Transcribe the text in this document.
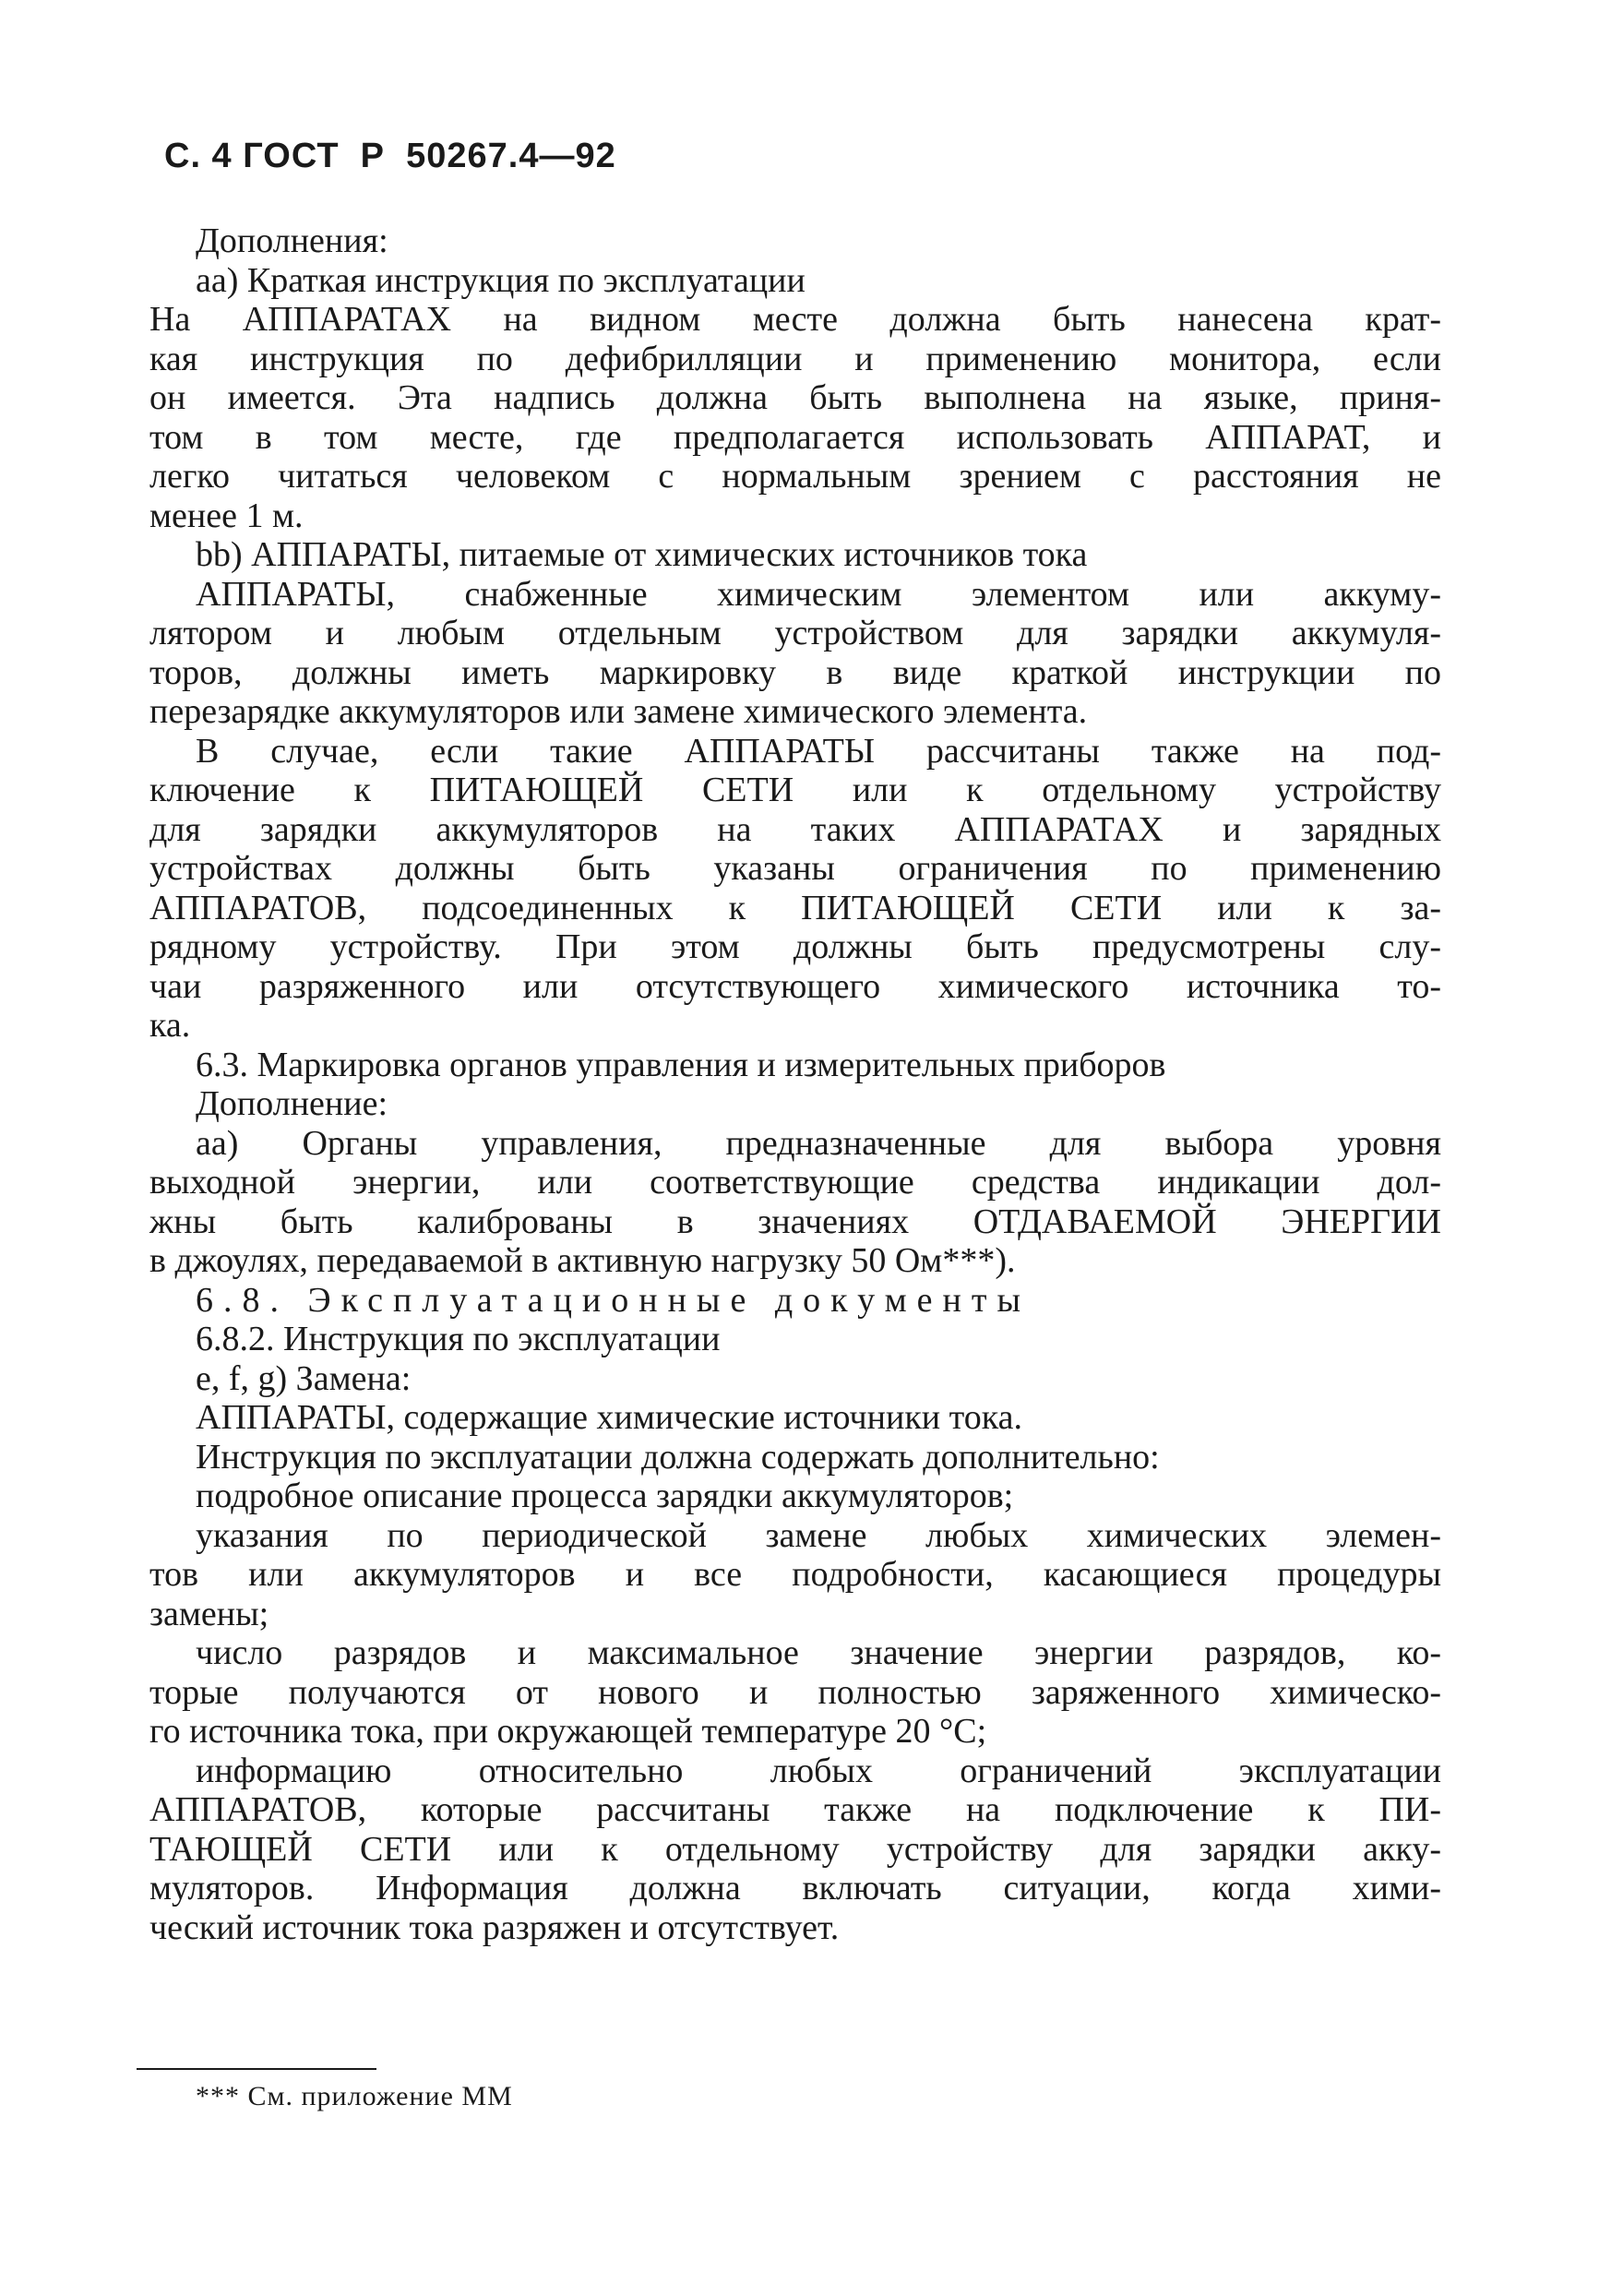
С. 4 ГОСТ  Р  50267.4—92
Дополнения:
аа) Краткая инструкция по эксплуатации
На АППАРАТАХ на видном месте должна быть нанесена крат-
кая инструкция по дефибрилляции и применению монитора, если
он имеется. Эта надпись должна быть выполнена на языке, приня-
том в том месте, где предполагается использовать АППАРАТ, и
легко читаться человеком с нормальным зрением с расстояния не
менее 1 м.
bb) АППАРАТЫ, питаемые от химических источников тока
АППАРАТЫ, снабженные химическим элементом или аккуму-
лятором и любым отдельным устройством для зарядки аккумуля-
торов, должны иметь маркировку в виде краткой инструкции по
перезарядке аккумуляторов или замене химического элемента.
В случае, если такие АППАРАТЫ рассчитаны также на под-
ключение к ПИТАЮЩЕЙ СЕТИ или к отдельному устройству
для зарядки аккумуляторов на таких АППАРАТАХ и зарядных
устройствах должны быть указаны ограничения по применению
АППАРАТОВ, подсоединенных к ПИТАЮЩЕЙ СЕТИ или к за-
рядному устройству. При этом должны быть предусмотрены слу-
чаи разряженного или отсутствующего химического источника то-
ка.
6.3. Маркировка органов управления и измерительных приборов
Дополнение:
аа) Органы управления, предназначенные для выбора уровня
выходной энергии, или соответствующие средства индикации дол-
жны быть калиброваны в значениях ОТДАВАЕМОЙ ЭНЕРГИИ
в джоулях, передаваемой в активную нагрузку 50 Ом***).
6.8. Эксплуатационные документы
6.8.2. Инструкция по эксплуатации
e, f, g) Замена:
АППАРАТЫ, содержащие химические источники тока.
Инструкция по эксплуатации должна содержать дополнительно:
подробное описание процесса зарядки аккумуляторов;
указания по периодической замене любых химических элемен-
тов или аккумуляторов и все подробности, касающиеся процедуры
замены;
число разрядов и максимальное значение энергии разрядов, ко-
торые получаются от нового и полностью заряженного химическо-
го источника тока, при окружающей температуре 20 °С;
информацию относительно любых ограничений эксплуатации
АППАРАТОВ, которые рассчитаны также на подключение к ПИ-
ТАЮЩЕЙ СЕТИ или к отдельному устройству для зарядки акку-
муляторов. Информация должна включать ситуации, когда хими-
ческий источник тока разряжен и отсутствует.
*** См. приложение ММ
